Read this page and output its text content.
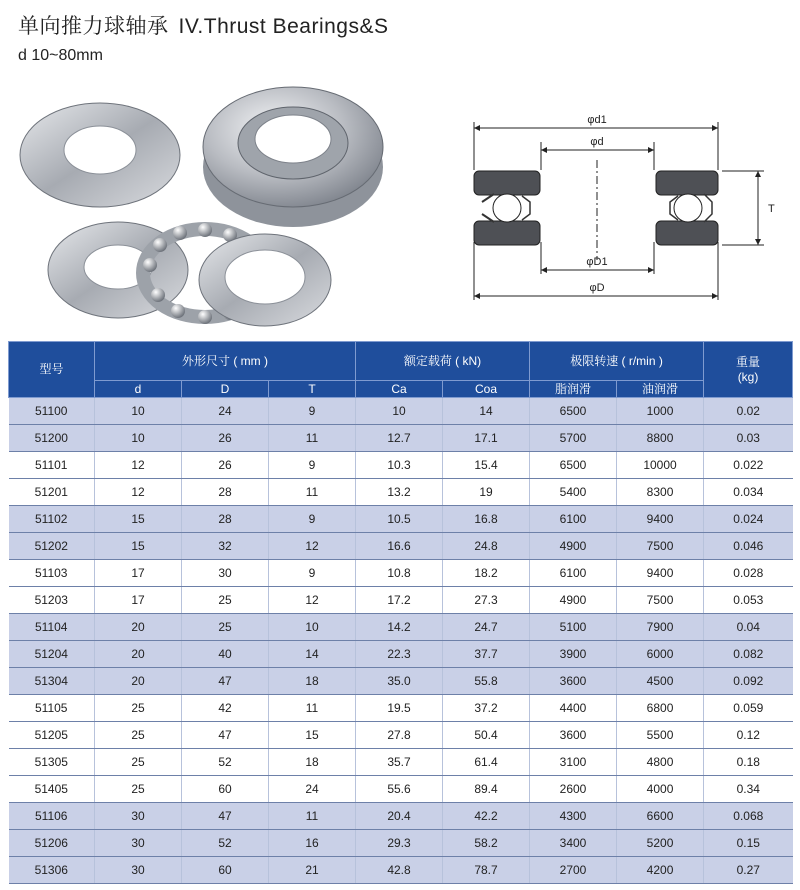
单向推力球轴承 IV.Thrust Bearings&S
d 10~80mm
φd1
φd
φD1
φD
T
型号	外形尺寸 ( mm )			额定载荷 ( kN)		极限转速 ( r/min )		重量
(kg)
	d	D	T	Ca	Coa	脂润滑	油润滑	
51100	10	24	9	10	14	6500	1000	0.02
51200	10	26	11	12.7	17.1	5700	8800	0.03
51101	12	26	9	10.3	15.4	6500	10000	0.022
51201	12	28	11	13.2	19	5400	8300	0.034
51102	15	28	9	10.5	16.8	6100	9400	0.024
51202	15	32	12	16.6	24.8	4900	7500	0.046
51103	17	30	9	10.8	18.2	6100	9400	0.028
51203	17	25	12	17.2	27.3	4900	7500	0.053
51104	20	25	10	14.2	24.7	5100	7900	0.04
51204	20	40	14	22.3	37.7	3900	6000	0.082
51304	20	47	18	35.0	55.8	3600	4500	0.092
51105	25	42	11	19.5	37.2	4400	6800	0.059
51205	25	47	15	27.8	50.4	3600	5500	0.12
51305	25	52	18	35.7	61.4	3100	4800	0.18
51405	25	60	24	55.6	89.4	2600	4000	0.34
51106	30	47	11	20.4	42.2	4300	6600	0.068
51206	30	52	16	29.3	58.2	3400	5200	0.15
51306	30	60	21	42.8	78.7	2700	4200	0.27
